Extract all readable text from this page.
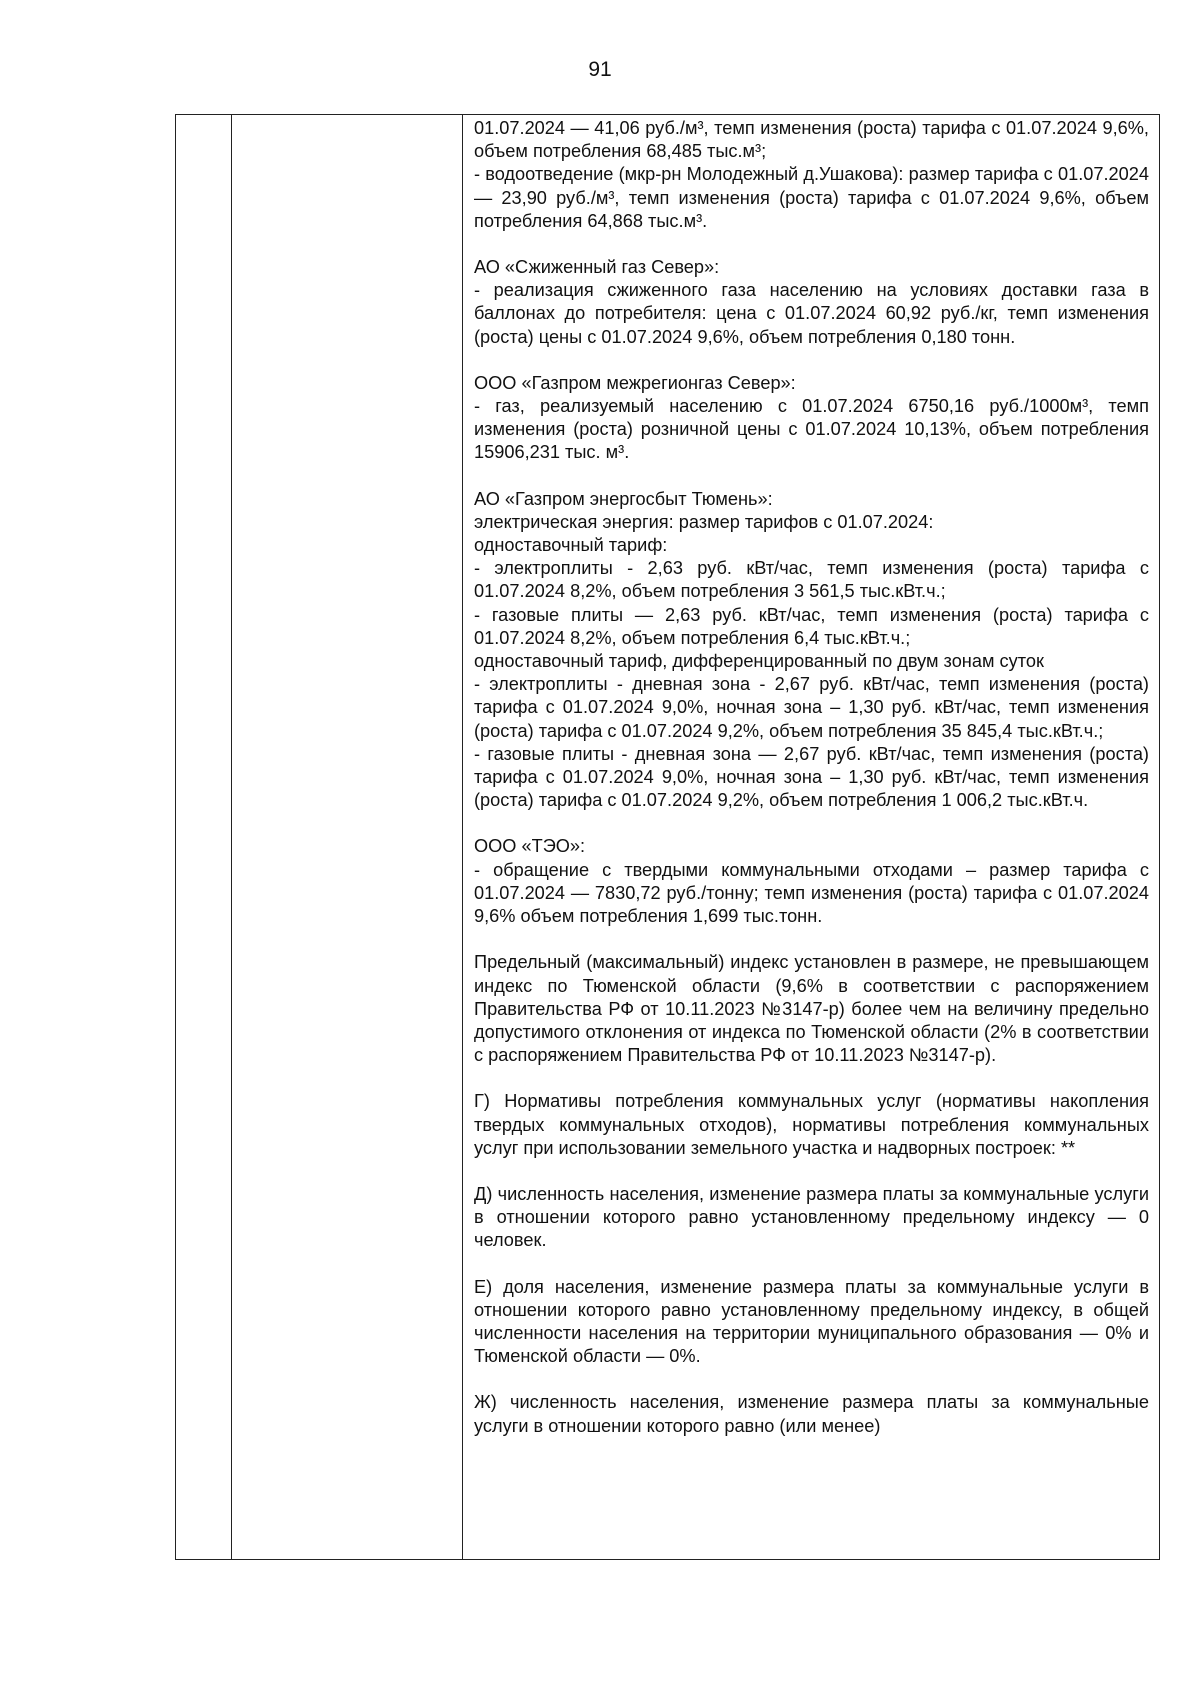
91

01.07.2024 — 41,06 руб./м³, темп изменения (роста) тарифа с 01.07.2024 9,6%, объем потребления 68,485 тыс.м³;
- водоотведение (мкр-рн Молодежный д.Ушакова): размер тарифа с 01.07.2024 — 23,90 руб./м³, темп изменения (роста) тарифа с 01.07.2024 9,6%, объем потребления 64,868 тыс.м³.

АО «Сжиженный газ Север»:
- реализация сжиженного газа населению на условиях доставки газа в баллонах до потребителя: цена с 01.07.2024 60,92 руб./кг, темп изменения (роста) цены с 01.07.2024 9,6%, объем потребления 0,180 тонн.

ООО «Газпром межрегионгаз Север»:
- газ, реализуемый населению с 01.07.2024 6750,16 руб./1000м³, темп изменения (роста) розничной цены с 01.07.2024 10,13%, объем потребления 15906,231 тыс. м³.

АО «Газпром энергосбыт Тюмень»:
электрическая энергия: размер тарифов с 01.07.2024:
одноставочный тариф:
- электроплиты - 2,63 руб. кВт/час, темп изменения (роста) тарифа с 01.07.2024 8,2%, объем потребления 3 561,5 тыс.кВт.ч.;
- газовые плиты — 2,63 руб. кВт/час, темп изменения (роста) тарифа с 01.07.2024 8,2%, объем потребления 6,4 тыс.кВт.ч.;
одноставочный тариф, дифференцированный по двум зонам суток
- электроплиты - дневная зона - 2,67 руб. кВт/час, темп изменения (роста) тарифа с 01.07.2024 9,0%, ночная зона – 1,30 руб. кВт/час, темп изменения (роста) тарифа с 01.07.2024 9,2%, объем потребления 35 845,4 тыс.кВт.ч.;
- газовые плиты - дневная зона — 2,67 руб. кВт/час, темп изменения (роста) тарифа с 01.07.2024 9,0%, ночная зона – 1,30 руб. кВт/час, темп изменения (роста) тарифа с 01.07.2024 9,2%, объем потребления 1 006,2 тыс.кВт.ч.

ООО «ТЭО»:
- обращение с твердыми коммунальными отходами – размер тарифа с 01.07.2024 — 7830,72 руб./тонну; темп изменения (роста) тарифа с 01.07.2024 9,6% объем потребления 1,699 тыс.тонн.

Предельный (максимальный) индекс установлен в размере, не превышающем индекс по Тюменской области (9,6% в соответствии с распоряжением Правительства РФ от 10.11.2023 №3147-р) более чем на величину предельно допустимого отклонения от индекса по Тюменской области (2% в соответствии с распоряжением Правительства РФ от 10.11.2023 №3147-р).

Г) Нормативы потребления коммунальных услуг (нормативы накопления твердых коммунальных отходов), нормативы потребления коммунальных услуг при использовании земельного участка и надворных построек: **

Д) численность населения, изменение размера платы за коммунальные услуги в отношении которого равно установленному предельному индексу — 0 человек.

Е) доля населения, изменение размера платы за коммунальные услуги в отношении которого равно установленному предельному индексу, в общей численности населения на территории муниципального образования — 0% и Тюменской области — 0%.

Ж) численность населения, изменение размера платы за коммунальные услуги в отношении которого равно (или менее)
